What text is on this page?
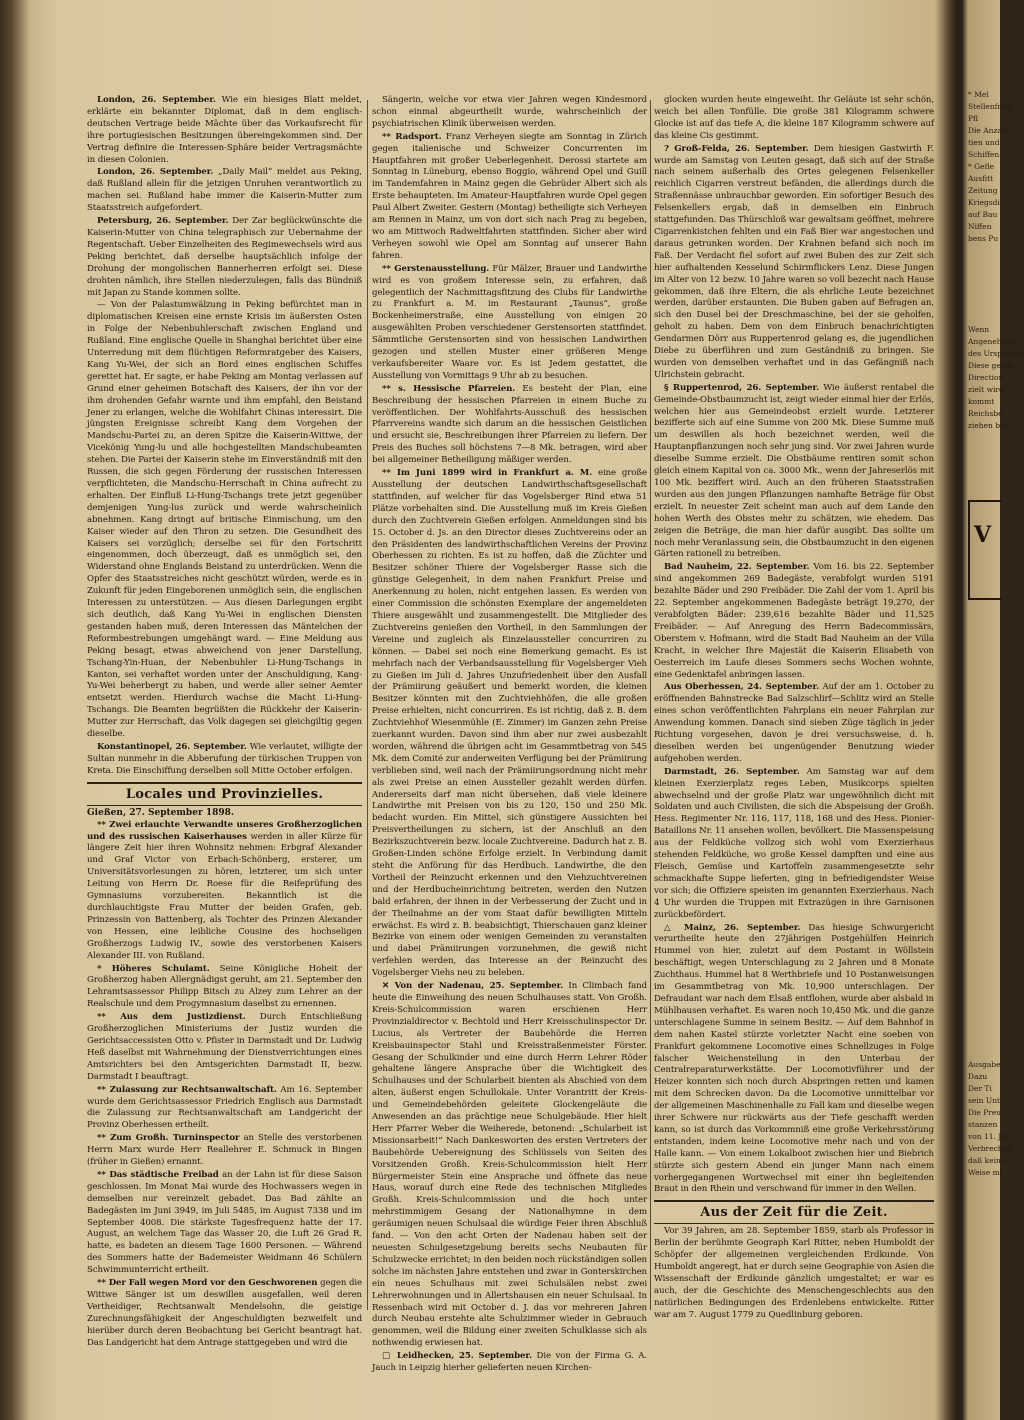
London, 26. September. Wie ein hiesiges Blatt meldet, erklärte ein bekannter Diplomat, daß in dem englisch-deutschen Vertrage beide Mächte über das Vorkaufsrecht für ihre portugiesischen Besitzungen übereingekommen sind. Der Vertrag definire die Interessen-Sphäre beider Vertragsmächte in diesen Colonien.

London, 26. September. „Daily Mail“ meldet aus Peking, daß Rußland allein für die jetzigen Unruhen verantwortlich zu machen sei. Rußland habe immer die Kaiserin-Mutter zum Staatsstreich aufgefordert.

Petersburg, 26. September. Der Zar beglückwünschte die Kaiserin-Mutter von China telegraphisch zur Uebernahme der Regentschaft. Ueber Einzelheiten des Regimewechsels wird aus Peking berichtet, daß derselbe hauptsächlich infolge der Drohung der mongolischen Bannerherren erfolgt sei. Diese drohten nämlich, ihre Stellen niederzulegen, falls das Bündniß mit Japan zu Stande kommen sollte.

— Von der Palastumwälzung in Peking befürchtet man in diplomatischen Kreisen eine ernste Krisis im äußersten Osten in Folge der Nebenbuhlerschaft zwischen England und Rußland. Eine englische Quelle in Shanghai berichtet über eine Unterredung mit dem flüchtigen Reformratgeber des Kaisers, Kang Yu-Wei, der sich an Bord eines englischen Schiffes gerettet hat. Er sagte, er habe Peking am Montag verlassen auf Grund einer geheimen Botschaft des Kaisers, der ihn vor der ihm drohenden Gefahr warnte und ihm empfahl, den Beistand Jener zu erlangen, welche die Wohlfahrt Chinas interessirt. Die jüngsten Ereignisse schreibt Kang dem Vorgehen der Mandschu-Partei zu, an deren Spitze die Kaiserin-Wittwe, der Vicekönig Yung-lu und alle hochgestellten Mandschubeamten stehen. Die Partei der Kaiserin stehe im Einverständniß mit den Russen, die sich gegen Förderung der russischen Interessen verpflichteten, die Mandschu-Herrschaft in China aufrecht zu erhalten. Der Einfluß Li-Hung-Tschangs trete jetzt gegenüber demjenigen Yung-lus zurück und werde wahrscheinlich abnehmen. Kang dringt auf britische Einmischung, um den Kaiser wieder auf den Thron zu setzen. Die Gesundheit des Kaisers sei vorzüglich; derselbe sei für den Fortschritt eingenommen, doch überzeugt, daß es unmöglich sei, den Widerstand ohne Englands Beistand zu unterdrücken. Wenn die Opfer des Staatsstreiches nicht geschützt würden, werde es in Zukunft für jeden Eingeborenen unmöglich sein, die englischen Interessen zu unterstützen. — Aus diesen Darlegungen ergibt sich deutlich, daß Kang Yu-Wei in englischen Diensten gestanden haben muß, deren Interessen das Mäntelchen der Reformbestrebungen umgehängt ward. — Eine Meldung aus Peking besagt, etwas abweichend von jener Darstellung, Tschang-Yin-Huan, der Nebenbuhler Li-Hung-Tschangs in Kanton, sei verhaftet worden unter der Anschuldigung, Kang-Yu-Wei beherbergt zu haben, und werde aller seiner Aemter entsetzt werden. Hierdurch wachse die Macht Li-Hung-Tschangs. Die Beamten begrüßten die Rückkehr der Kaiserin-Mutter zur Herrschaft, das Volk dagegen sei gleichgiltig gegen dieselbe.

Konstantinopel, 26. September. Wie verlautet, willigte der Sultan nunmehr in die Abberufung der türkischen Truppen von Kreta. Die Einschiffung derselben soll Mitte October erfolgen.

Locales und Provinzielles.
Gießen, 27. September 1898.

** Zwei erlauchte Verwandte unseres Großherzoglichen und des russischen Kaiserhauses werden in aller Kürze für längere Zeit hier ihren Wohnsitz nehmen: Erbgraf Alexander und Graf Victor von Erbach-Schönberg, ersterer, um Universitätsvorlesungen zu hören, letzterer, um sich unter Leitung von Herrn Dr. Roese für die Reifeprüfung des Gymnasiums vorzubereiten. Bekanntlich ist die durchlauchtigste Frau Mutter der beiden Grafen, geb. Prinzessin von Battenberg, als Tochter des Prinzen Alexander von Hessen, eine leibliche Cousine des hochseligen Großherzogs Ludwig IV., sowie des verstorbenen Kaisers Alexander III. von Rußland.

* Höheres Schulamt. Seine Königliche Hoheit der Großherzog haben Allergnädigst geruht, am 21. September den Lehramtsassessor Philipp Bitsch zu Alzey zum Lehrer an der Realschule und dem Progymnasium daselbst zu ernennen.

** Aus dem Justizdienst. Durch Entschließung Großherzoglichen Ministeriums der Justiz wurden die Gerichtsaccessisten Otto v. Pfister in Darmstadt und Dr. Ludwig Heß daselbst mit Wahrnehmung der Dienstverrichtungen eines Amtsrichters bei den Amtsgerichten Darmstadt II, bezw. Darmstadt I beauftragt.

** Zulassung zur Rechtsanwaltschaft. Am 16. September wurde dem Gerichtsassessor Friedrich Englisch aus Darmstadt die Zulassung zur Rechtsanwaltschaft am Landgericht der Provinz Oberhessen ertheilt.

** Zum Großh. Turninspector an Stelle des verstorbenen Herrn Marx wurde Herr Reallehrer E. Schmuck in Bingen (früher in Gießen) ernannt.

** Das städtische Freibad an der Lahn ist für diese Saison geschlossen. Im Monat Mai wurde des Hochwassers wegen in demselben nur vereinzelt gebadet. Das Bad zählte an Badegästen im Juni 3949, im Juli 5485, im August 7338 und im September 4008. Die stärkste Tagesfrequenz hatte der 17. August, an welchem Tage das Wasser 20, die Luft 26 Grad R. hatte, es badeten an diesem Tage 1600 Personen. — Während des Sommers hatte der Bademeister Weidmann 46 Schülern Schwimmunterricht ertheilt.

** Der Fall wegen Mord vor den Geschworenen gegen die Wittwe Sänger ist um deswillen ausgefallen, weil deren Vertheidiger, Rechtsanwalt Mendelsohn, die geistige Zurechnungsfähigkeit der Angeschuldigten bezweifelt und hierüber durch deren Beobachtung bei Gericht beantragt hat. Das Landgericht hat dem Antrage stattgegeben und wird die

Sängerin, welche vor etwa vier Jahren wegen Kindesmord schon einmal abgeurtheilt wurde, wahrscheinlich der psychiatrischen Klinik überweisen werden.

** Radsport. Franz Verheyen siegte am Sonntag in Zürich gegen italienische und Schweizer Concurrenten im Hauptfahren mit großer Ueberlegenheit. Derossi startete am Sonntag in Lüneburg, ebenso Boggio, während Opel und Guill im Tandemfahren in Mainz gegen die Gebrüder Albert sich als Erste behaupteten. Im Amateur-Hauptfahren wurde Opel gegen Paul Albert Zweiter. Gestern (Montag) betheiligte sich Verheyen am Rennen in Mainz, um von dort sich nach Prag zu begeben, wo am Mittwoch Radweltfahrten stattfinden. Sicher aber wird Verheyen sowohl wie Opel am Sonntag auf unserer Bahn fahren.

** Gerstenausstellung. Für Mälzer, Brauer und Landwirthe wird es von großem Interesse sein, zu erfahren, daß gelegentlich der Nachmittagsfitzung des Clubs für Landwirthe zu Frankfurt a. M. im Restaurant „Taunus“, große Bockenheimerstraße, eine Ausstellung von einigen 20 ausgewählten Proben verschiedener Gerstensorten stattfindet. Sämmtliche Gerstensorten sind von hessischen Landwirthen gezogen und stellen Muster einer größeren Menge verkaufsbereiter Waare vor. Es ist Jedem gestattet, die Ausstellung von Vormittags 9 Uhr ab zu besuchen.

** s. Hessische Pfarreien. Es besteht der Plan, eine Beschreibung der hessischen Pfarreien in einem Buche zu veröffentlichen. Der Wohlfahrts-Ausschuß des hessischen Pfarrvereins wandte sich darum an die hessischen Geistlichen und ersucht sie, Beschreibungen ihrer Pfarreien zu liefern. Der Preis des Buches soll höchstens 7—8 Mk. betragen, wird aber bei allgemeiner Betheiligung mäßiger werden.

** Im Juni 1899 wird in Frankfurt a. M. eine große Ausstellung der deutschen Landwirthschaftsgesellschaft stattfinden, auf welcher für das Vogelsberger Rind etwa 51 Plätze vorbehalten sind. Die Ausstellung muß im Kreis Gießen durch den Zuchtverein Gießen erfolgen. Anmeldungen sind bis 15. October d. Js. an den Director dieses Zuchtvereins oder an den Präsidenten des landwirthschaftlichen Vereins der Provinz Oberhessen zu richten. Es ist zu hoffen, daß die Züchter und Besitzer schöner Thiere der Vogelsberger Rasse sich die günstige Gelegenheit, in dem nahen Frankfurt Preise und Anerkennung zu holen, nicht entgehen lassen. Es werden von einer Commission die schönsten Exemplare der angemeldeten Thiere ausgewählt und zusammengestellt. Die Mitglieder des Zuchtvereins genießen den Vortheil, in den Sammlungen der Vereine und zugleich als Einzelaussteller concurriren zu können. — Dabei sei noch eine Bemerkung gemacht. Es ist mehrfach nach der Verbandsausstellung für Vogelsberger Vieh zu Gießen im Juli d. Jahres Unzufriedenheit über den Ausfall der Prämiirung geäußert und bemerkt worden, die kleinen Besitzer könnten mit den Zuchtviehhöfen, die alle großen Preise erhielten, nicht concurriren. Es ist richtig, daß z. B. dem Zuchtviehhof Wiesenmühle (E. Zimmer) im Ganzen zehn Preise zuerkannt wurden. Davon sind ihm aber nur zwei ausbezahlt worden, während die übrigen acht im Gesammtbetrag von 545 Mk. dem Comité zur anderweiten Verfügung bei der Prämiirung verblieben sind, weil nach der Prämiirungsordnung nicht mehr als zwei Preise an einen Aussteller gezahlt werden dürfen. Andererseits darf man nicht übersehen, daß viele kleinere Landwirthe mit Preisen von bis zu 120, 150 und 250 Mk. bedacht wurden. Ein Mittel, sich günstigere Aussichten bei Preisvertheilungen zu sichern, ist der Anschluß an den Bezirkszuchtverein bezw. locale Zuchtvereine. Dadurch hat z. B. Großen-Linden schöne Erfolge erzielt. In Verbindung damit steht die Anförung für das Herdbuch. Landwirthe, die den Vortheil der Reinzucht erkennen und den Viehzuchtvereinen und der Herdbucheinrichtung beitreten, werden den Nutzen bald erfahren, der ihnen in der Verbesserung der Zucht und in der Theilnahme an der vom Staat dafür bewilligten Mitteln erwächst. Es wird z. B. beabsichtigt, Thierschauen ganz kleiner Bezirke von einem oder wenigen Gemeinden zu veranstalten und dabei Prämiirungen vorzunehmen, die gewiß nicht verfehlen werden, das Interesse an der Reinzucht des Vogelsberger Viehs neu zu beleben.

✕ Von der Nadenau, 25. September. In Climbach fand heute die Einweihung des neuen Schulhauses statt. Von Großh. Kreis-Schulcommission waren erschienen Herr Provinzialdirector v. Bechtold und Herr Kreisschulinspector Dr. Lucius, als Vertreter der Baubehörde die Herren Kreisbauinspector Stahl und Kreisstraßenmeister Förster. Gesang der Schulkinder und eine durch Herrn Lehrer Röder gehaltene längere Ansprache über die Wichtigkeit des Schulhauses und der Schularbeit bienten als Abschied von dem alten, äußerst engen Schullokale. Unter Vorantritt der Kreis- und Gemeindebehörden geleitete Glockengeläute die Anwesenden an das prächtige neue Schulgebäude. Hier hielt Herr Pfarrer Weber die Weiherede, betonend: „Schularbeit ist Missionsarbeit!“ Nach Dankesworten des ersten Vertreters der Baubehörde Uebereignung des Schlüssels von Seiten des Vorsitzenden Großh. Kreis-Schulcommission hielt Herr Bürgermeister Stein eine Ansprache und öffnete das neue Haus, worauf durch eine Rede des technischen Mitgliedes Großh. Kreis-Schulcommission und die hoch unter mehrstimmigem Gesang der Nationalhymne in dem geräumigen neuen Schulsaal die würdige Feier ihren Abschluß fand. — Von den acht Orten der Nadenau haben seit der neuesten Schulgesetzgebung bereits sechs Neubauten für Schulzwecke errichtet; in den beiden noch rückständigen sollen solche im nächsten Jahre entstehen und zwar in Gonterskirchen ein neues Schulhaus mit zwei Schulsälen nebst zwei Lehrerwohnungen und in Allertshausen ein neuer Schulsaal. In Ressenbach wird mit October d. J. das vor mehreren Jahren durch Neubau erstehte alte Schulzimmer wieder in Gebrauch genommen, weil die Bildung einer zweiten Schulklasse sich als nothwendig erwiesen hat.

□ Leidhecken, 25. September. Die von der Firma G. A. Jauch in Leipzig hierher gelieferten neuen Kirchen-

glocken wurden heute eingeweiht. Ihr Geläute ist sehr schön, weich bei allen Tonfülle. Die große 381 Kilogramm schwere Glocke ist auf das tiefe A, die kleine 187 Kilogramm schwere auf das kleine Cis gestimmt.

? Groß-Felda, 26. September. Dem hiesigen Gastwirth F. wurde am Samstag von Leuten gesagt, daß sich auf der Straße nach seinem außerhalb des Ortes gelegenen Felsenkeller reichlich Cigarren verstreut befänden, die allerdings durch die Straßennässe unbrauchbar geworden. Ein sofortiger Besuch des Felsenkellers ergab, daß in demselben ein Einbruch stattgefunden. Das Thürschloß war gewaltsam geöffnet, mehrere Cigarrenkistchen fehlten und ein Faß Bier war angestochen und daraus getrunken worden. Der Krahnen befand sich noch im Faß. Der Verdacht fiel sofort auf zwei Buben des zur Zeit sich hier aufhaltenden Kesselund Schirmflickers Lenz. Diese Jungen im Alter von 12 bezw. 10 Jahre waren so voll bezecht nach Hause gekommen, daß ihre Eltern, die als ehrliche Leute bezeichnet werden, darüber erstaunten. Die Buben gaben auf Befragen an, sich den Dusel bei der Dreschmaschine, bei der sie geholfen, geholt zu haben. Dem von dem Einbruch benachrichtigten Gendarmen Dörr aus Ruppertenrod gelang es, die jugendlichen Diebe zu überführen und zum Geständniß zu bringen. Sie wurden von demselben verhaftet und in das Gefängniß nach Ulrichstein gebracht.

§ Ruppertenrod, 26. September. Wie äußerst rentabel die Gemeinde-Obstbaumzucht ist, zeigt wieder einmal hier der Erlös, welchen hier aus Gemeindeobst erzielt wurde. Letzterer bezifferte sich auf eine Summe von 200 Mk. Diese Summe muß um deswillen als hoch bezeichnet werden, weil die Hauptanpflanzungen noch sehr jung sind. Vor zwei Jahren wurde dieselbe Summe erzielt. Die Obstbäume rentiren somit schon gleich einem Kapital von ca. 3000 Mk., wenn der Jahreserlös mit 100 Mk. beziffert wird. Auch an den früheren Staatsstraßen wurden aus den jungen Pflanzungen namhafte Beträge für Obst erzielt. In neuester Zeit scheint man auch auf dem Lande den hohen Werth des Obstes mehr zu schätzen, wie ehedem. Das zeigen die Beträge, die man hier dafür ausgibt. Das sollte um noch mehr Veranlassung sein, die Obstbaumzucht in den eigenen Gärten rationell zu betreiben.

Bad Nauheim, 22. September. Vom 16. bis 22. September sind angekommen 269 Badegäste, verabfolgt wurden 5191 bezahlte Bäder und 290 Freibäder. Die Zahl der vom 1. April bis 22. September angekommenen Badegäste beträgt 19,270, der verabfolgten Bäder: 239,616 bezahlte Bäder und 11,525 Freibäder. — Auf Anregung des Herrn Badecommissärs, Oberstem v. Hofmann, wird die Stadt Bad Nauheim an der Villa Kracht, in welcher Ihre Majestät die Kaiserin Elisabeth von Oesterreich im Laufe dieses Sommers sechs Wochen wohnte, eine Gedenktafel anbringen lassen.

Aus Oberhessen, 24. September. Auf der am 1. October zu eröffnenden Bahnstrecke Bad Salzschlirf—Schlitz wird an Stelle eines schon veröffentlichten Fahrplans ein neuer Fahrplan zur Anwendung kommen. Danach sind sieben Züge täglich in jeder Richtung vorgesehen, davon je drei versuchsweise, d. h. dieselben werden bei ungenügender Benutzung wieder aufgehoben werden.

Darmstadt, 26. September. Am Samstag war auf dem kleinen Exerzierplatz reges Leben, Musikcorps spielten abwechselnd und der große Platz war ungewöhnlich dicht mit Soldaten und auch Civilisten, die sich die Abspeisung der Großh. Hess. Regimenter Nr. 116, 117, 118, 168 und des Hess. Pionier-Bataillons Nr. 11 ansehen wollen, bevölkert. Die Massenspeisung aus der Feldküche vollzog sich wohl vom Exerzierhaus stehenden Feldküche, wo große Kessel dampften und eine aus Fleisch, Gemüse und Kartoffeln zusammengesetzte sehr schmackhafte Suppe lieferten, ging in befriedigendster Weise vor sich; die Offiziere speisten im genannten Exerzierhaus. Nach 4 Uhr wurden die Truppen mit Extrazügen in ihre Garnisonen zurückbefördert.

△ Mainz, 26. September. Das hiesige Schwurgericht verurtheilte heute den 27jährigen Postgehülfen Heinrich Hummel von hier, zuletzt auf dem Postamt in Wöllstein beschäftigt, wegen Unterschlagung zu 2 Jahren und 8 Monate Zuchthaus. Hummel hat 8 Werthbriefe und 10 Postanweisungen im Gesammtbetrag von Mk. 10,900 unterschlagen. Der Defraudant war nach dem Elsaß entflohen, wurde aber alsbald in Mühlhausen verhaftet. Es waren noch 10,450 Mk. und die ganze unterschlagene Summe in seinem Besitz. — Auf dem Bahnhof in dem nahen Kastel stürzte vorletzter Nacht eine soeben von Frankfurt gekommene Locomotive eines Schnellzuges in Folge falscher Weichenstellung in den Unterbau der Centralreparaturwerkstätte. Der Locomotivführer und der Heizer konnten sich noch durch Abspringen retten und kamen mit dem Schrecken davon. Da die Locomotive unmittelbar vor der allgemeinen Maschinenhalle zu Fall kam und dieselbe wegen ihrer Schwere nur rückwärts aus der Tiefe geschafft werden kann, so ist durch das Vorkommniß eine große Verkehrsstörung entstanden, indem keine Locomotive mehr nach und von der Halle kann. — Von einem Lokalboot zwischen hier und Biebrich stürzte sich gestern Abend ein junger Mann nach einem vorhergegangenen Wortwechsel mit einer ihn begleitenden Braut in den Rhein und verschwand für immer in den Wellen.

Aus der Zeit für die Zeit.

Vor 39 Jahren, am 28. September 1859, starb als Professor in Berlin der berühmte Geograph Karl Ritter, neben Humboldt der Schöpfer der allgemeinen vergleichenden Erdkunde. Von Humboldt angeregt, hat er durch seine Geographie von Asien die Wissenschaft der Erdkunde gänzlich umgestaltet; er war es auch, der die Geschichte des Menschengeschlechts aus den natürlichen Bedingungen des Erdenlebens entwickelte. Ritter war am 7. August 1779 zu Quedlinburg geboren.

* Mel
Stellenfreie
Pfl
Die Anzahl
tien und
Schiffen
* Gefle
Ausfitt
Zeitung
Kriegsdi
auf Bau
Niffen
bens Pu
Wenn
Angenehmes
des Ursprungs
Diese gesch
Direction
zielt wird
kommt
Reichsbe
ziehen ber
V
Ausgabe
Dazu
Der Ti
sein Unt
Die Preu
stanzen
von 11. Jul
Verbrechen
daß keine
Weise mi
